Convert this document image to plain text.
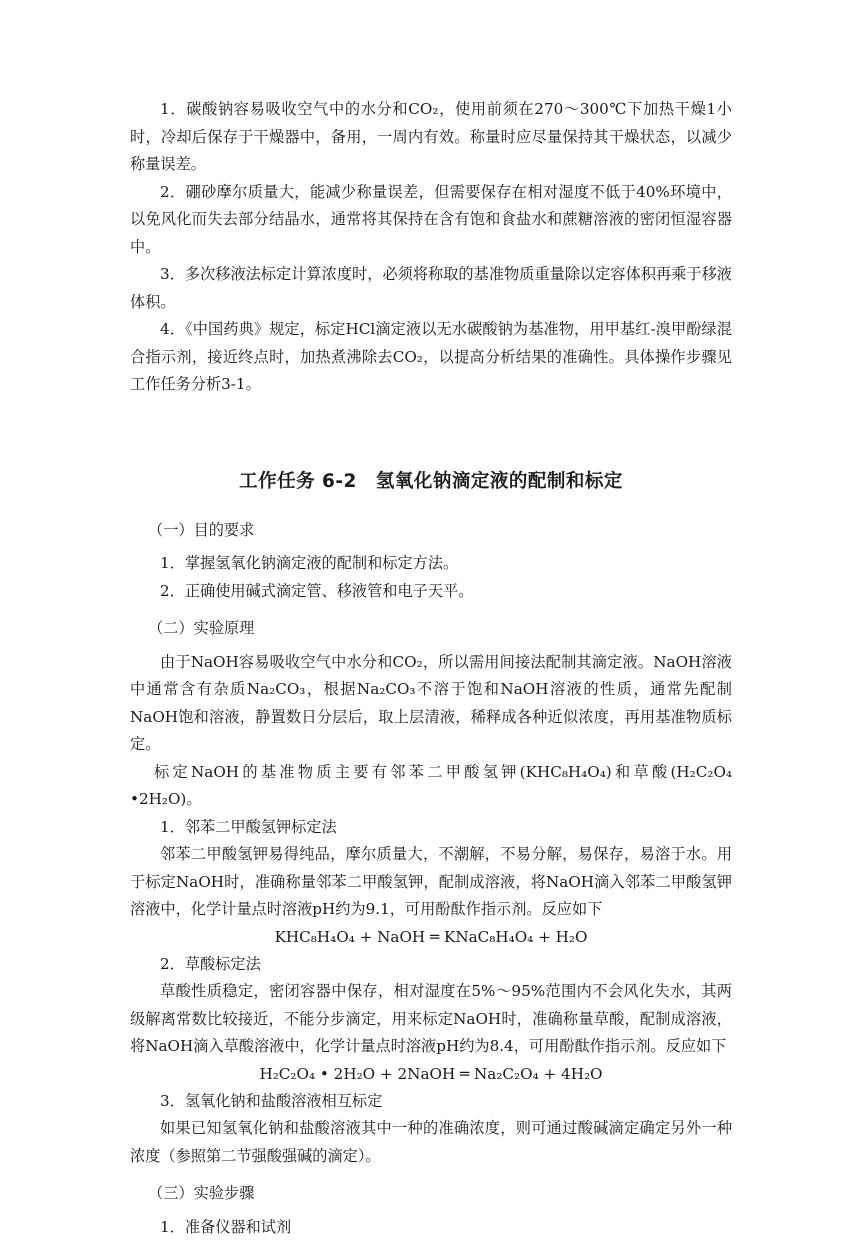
1．碳酸钠容易吸收空气中的水分和CO₂，使用前须在270～300℃下加热干燥1小时，冷却后保存于干燥器中，备用，一周内有效。称量时应尽量保持其干燥状态，以减少称量误差。

2．硼砂摩尔质量大，能减少称量误差，但需要保存在相对湿度不低于40%环境中，以免风化而失去部分结晶水，通常将其保持在含有饱和食盐水和蔗糖溶液的密闭恒湿容器中。

3．多次移液法标定计算浓度时，必须将称取的基准物质重量除以定容体积再乘于移液体积。

4．《中国药典》规定，标定HCl滴定液以无水碳酸钠为基准物，用甲基红-溴甲酚绿混合指示剂，接近终点时，加热煮沸除去CO₂，以提高分析结果的准确性。具体操作步骤见工作任务分析3-1。

工作任务 6-2　氢氧化钠滴定液的配制和标定

（一）目的要求

1．掌握氢氧化钠滴定液的配制和标定方法。

2．正确使用碱式滴定管、移液管和电子天平。

（二）实验原理

由于NaOH容易吸收空气中水分和CO₂，所以需用间接法配制其滴定液。NaOH溶液中通常含有杂质Na₂CO₃，根据Na₂CO₃不溶于饱和NaOH溶液的性质，通常先配制NaOH饱和溶液，静置数日分层后，取上层清液，稀释成各种近似浓度，再用基准物质标定。

标定NaOH的基准物质主要有邻苯二甲酸氢钾(KHC₈H₄O₄)和草酸(H₂C₂O₄ •2H₂O)。

1．邻苯二甲酸氢钾标定法

邻苯二甲酸氢钾易得纯品，摩尔质量大，不潮解，不易分解，易保存，易溶于水。用于标定NaOH时，准确称量邻苯二甲酸氢钾，配制成溶液，将NaOH滴入邻苯二甲酸氢钾溶液中，化学计量点时溶液pH约为9.1，可用酚酞作指示剂。反应如下

KHC₈H₄O₄ + NaOH ═ KNaC₈H₄O₄ + H₂O

2．草酸标定法

草酸性质稳定，密闭容器中保存，相对湿度在5%～95%范围内不会风化失水，其两级解离常数比较接近，不能分步滴定，用来标定NaOH时，准确称量草酸，配制成溶液，将NaOH滴入草酸溶液中，化学计量点时溶液pH约为8.4，可用酚酞作指示剂。反应如下

H₂C₂O₄ • 2H₂O + 2NaOH ═ Na₂C₂O₄ + 4H₂O

3．氢氧化钠和盐酸溶液相互标定

如果已知氢氧化钠和盐酸溶液其中一种的准确浓度，则可通过酸碱滴定确定另外一种浓度（参照第二节强酸强碱的滴定）。

（三）实验步骤

1．准备仪器和试剂
